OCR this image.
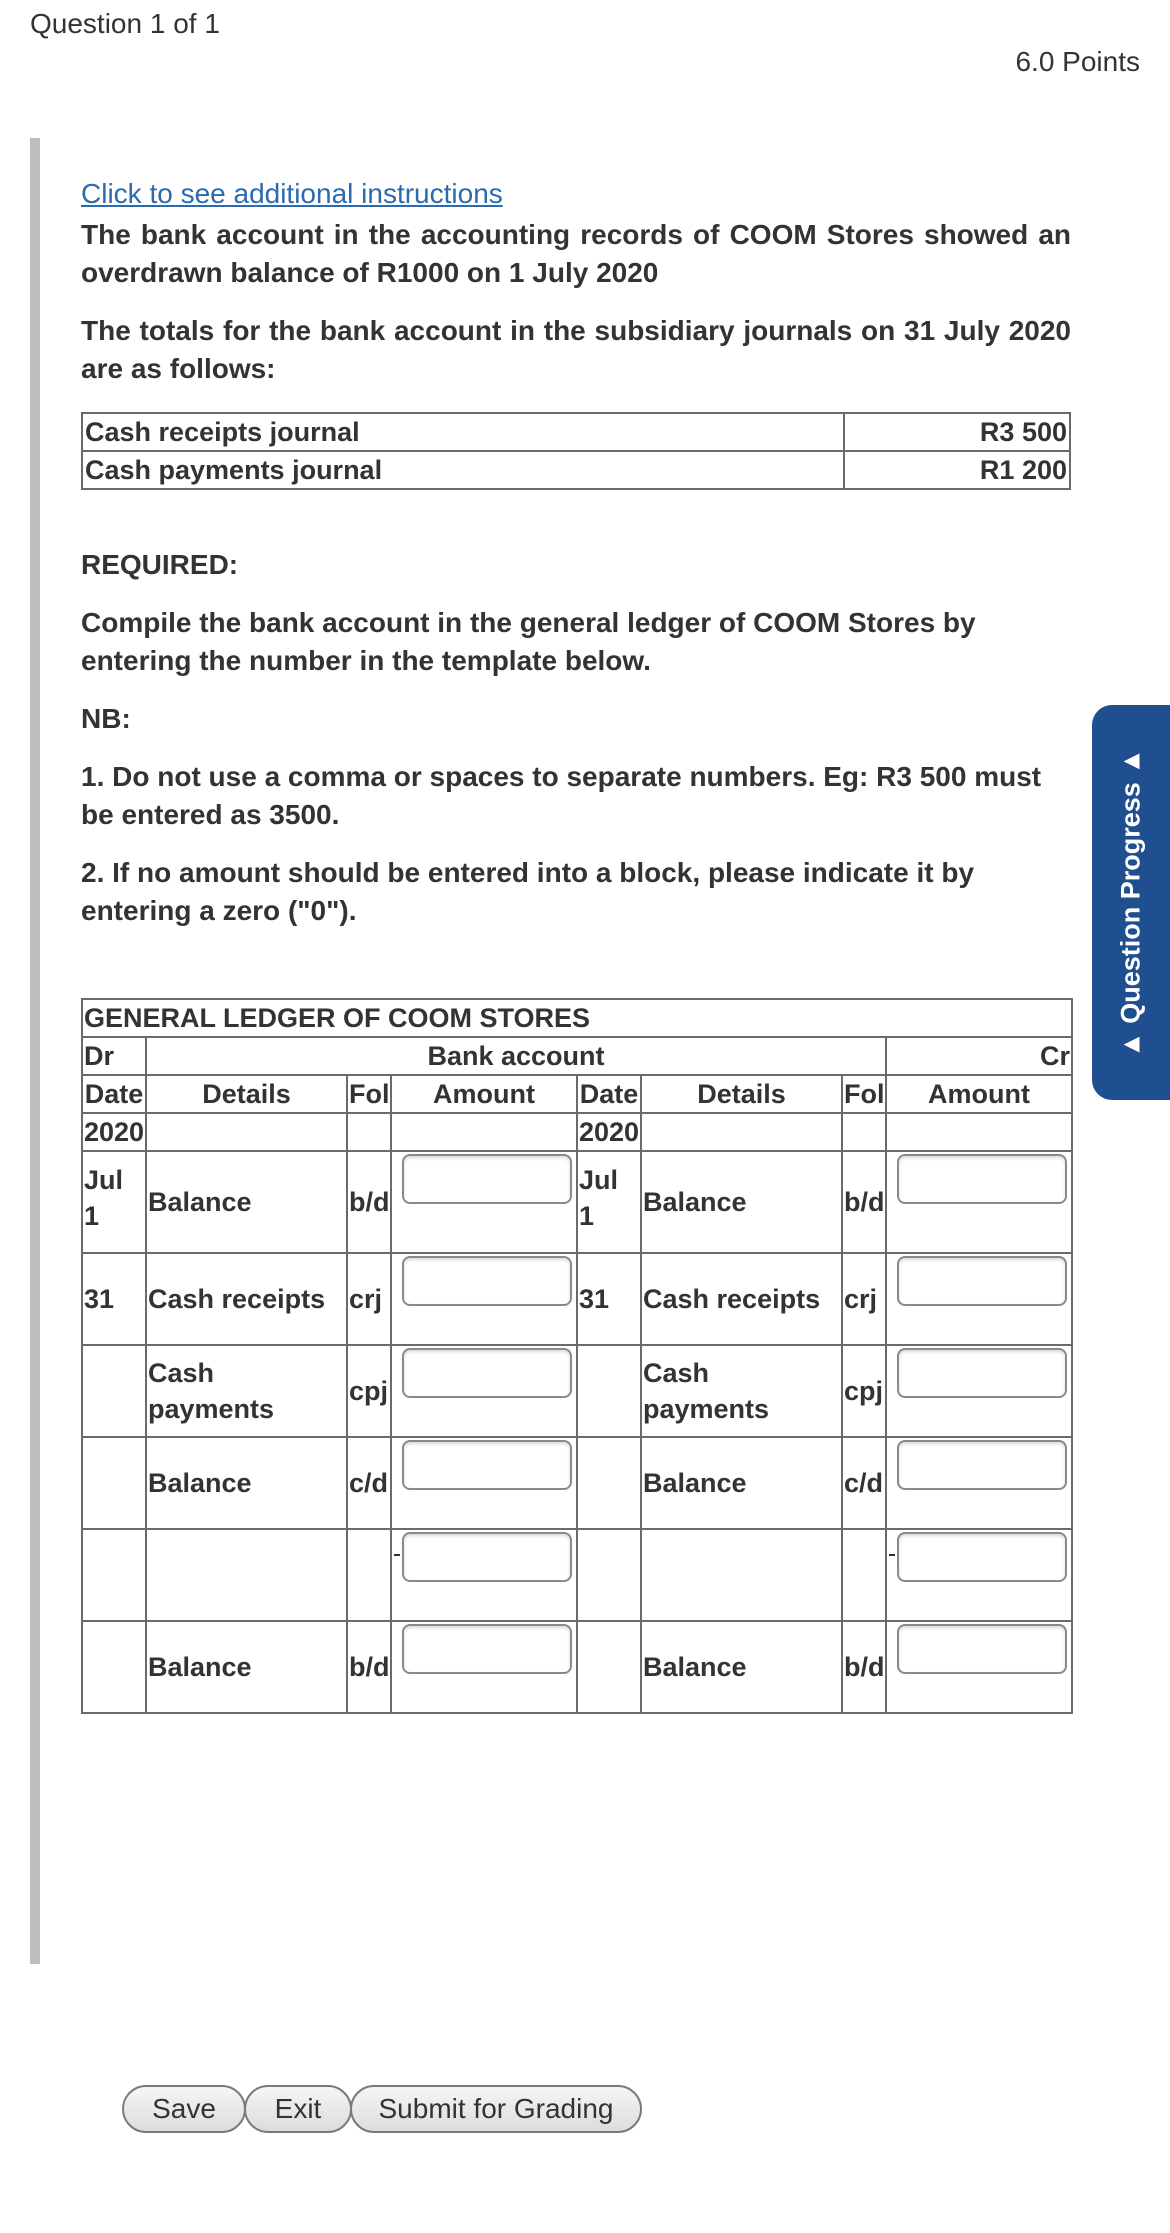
Question 1 of 1
6.0 Points
Click to see additional instructions

The bank account in the accounting records of COOM Stores showed an overdrawn balance of R1000 on 1 July 2020

The totals for the bank account in the subsidiary journals on 31 July 2020 are as follows:

Cash receipts journal	R3 500
Cash payments journal	R1 200

REQUIRED:

Compile the bank account in the general ledger of COOM Stores by entering the number in the template below.

NB:

1. Do not use a comma or spaces to separate numbers. Eg: R3 500 must be entered as 3500.

2. If no amount should be entered into a block, please indicate it by entering a zero ("0").

GENERAL LEDGER OF COOM STORES							
Dr	Bank account						Cr
Date	Details	Fol	Amount	Date	Details	Fol	Amount
2020				2020			
Jul 1	Balance	b/d		Jul 1	Balance	b/d	

31	Cash receipts	crj		31	Cash receipts	crj	

	Cash payments	cpj			Cash payments	cpj	

	Balance	c/d			Balance	c/d	

	Balance	b/d			Balance	b/d	
▲ Question Progress ▲
Save	Exit	Submit for Grading
